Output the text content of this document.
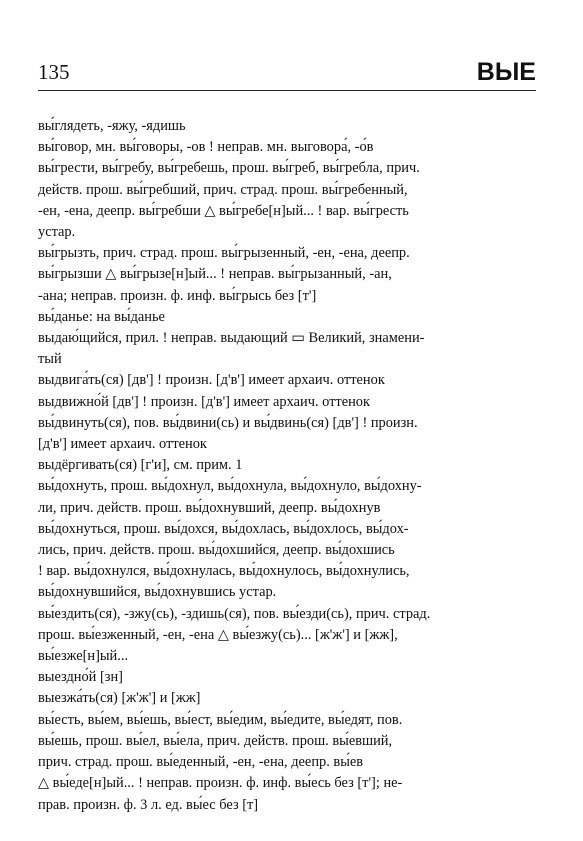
135	ВЫЕ
вы́глядеть, -яжу, -ядишь
вы́говор, мн. вы́говоры, -ов ! неправ. мн. выговора́, -о́в
вы́грести, вы́гребу, вы́гребешь, прош. вы́греб, вы́гребла, прич.
действ. прош. вы́гребший, прич. страд. прош. вы́гребенный,
-ен, -ена, деепр. вы́гребши △ вы́гребе[н]ый... ! вар. вы́гресть
устар.
вы́грызть, прич. страд. прош. вы́грызенный, -ен, -ена, деепр.
вы́грызши △ вы́грызе[н]ый... ! неправ. вы́грызанный, -ан,
-ана; неправ. произн. ф. инф. вы́грысь без [т']
вы́данье: на вы́данье
выдаю́щийся, прил. ! неправ. выдающий ▭ Великий, знамени-
тый
выдвига́ть(ся) [дв'] ! произн. [д'в'] имеет архаич. оттенок
выдвижно́й [дв'] ! произн. [д'в'] имеет архаич. оттенок
вы́двинуть(ся), пов. вы́двини(сь) и вы́двинь(ся) [дв'] ! произн.
[д'в'] имеет архаич. оттенок
выдёргивать(ся) [г'и], см. прим. 1
вы́дохнуть, прош. вы́дохнул, вы́дохнула, вы́дохнуло, вы́дохну-
ли, прич. действ. прош. вы́дохнувший, деепр. вы́дохнув
вы́дохнуться, прош. вы́дохся, вы́дохлась, вы́дохлось, вы́дох-
лись, прич. действ. прош. вы́дохшийся, деепр. вы́дохшись
! вар. вы́дохнулся, вы́дохнулась, вы́дохнулось, вы́дохнулись,
вы́дохнувшийся, вы́дохнувшись устар.
вы́ездить(ся), -зжу(сь), -здишь(ся), пов. вы́езди(сь), прич. страд.
прош. вы́езженный, -ен, -ена △ вы́езжу(сь)... [ж'ж'] и [жж],
вы́езже[н]ый...
выездно́й [зн]
выезжа́ть(ся) [ж'ж'] и [жж]
вы́есть, вы́ем, вы́ешь, вы́ест, вы́едим, вы́едите, вы́едят, пов.
вы́ешь, прош. вы́ел, вы́ела, прич. действ. прош. вы́евший,
прич. страд. прош. вы́еденный, -ен, -ена, деепр. вы́ев
△ вы́еде[н]ый... ! неправ. произн. ф. инф. вы́есь без [т']; не-
прав. произн. ф. 3 л. ед. вы́ес без [т]
